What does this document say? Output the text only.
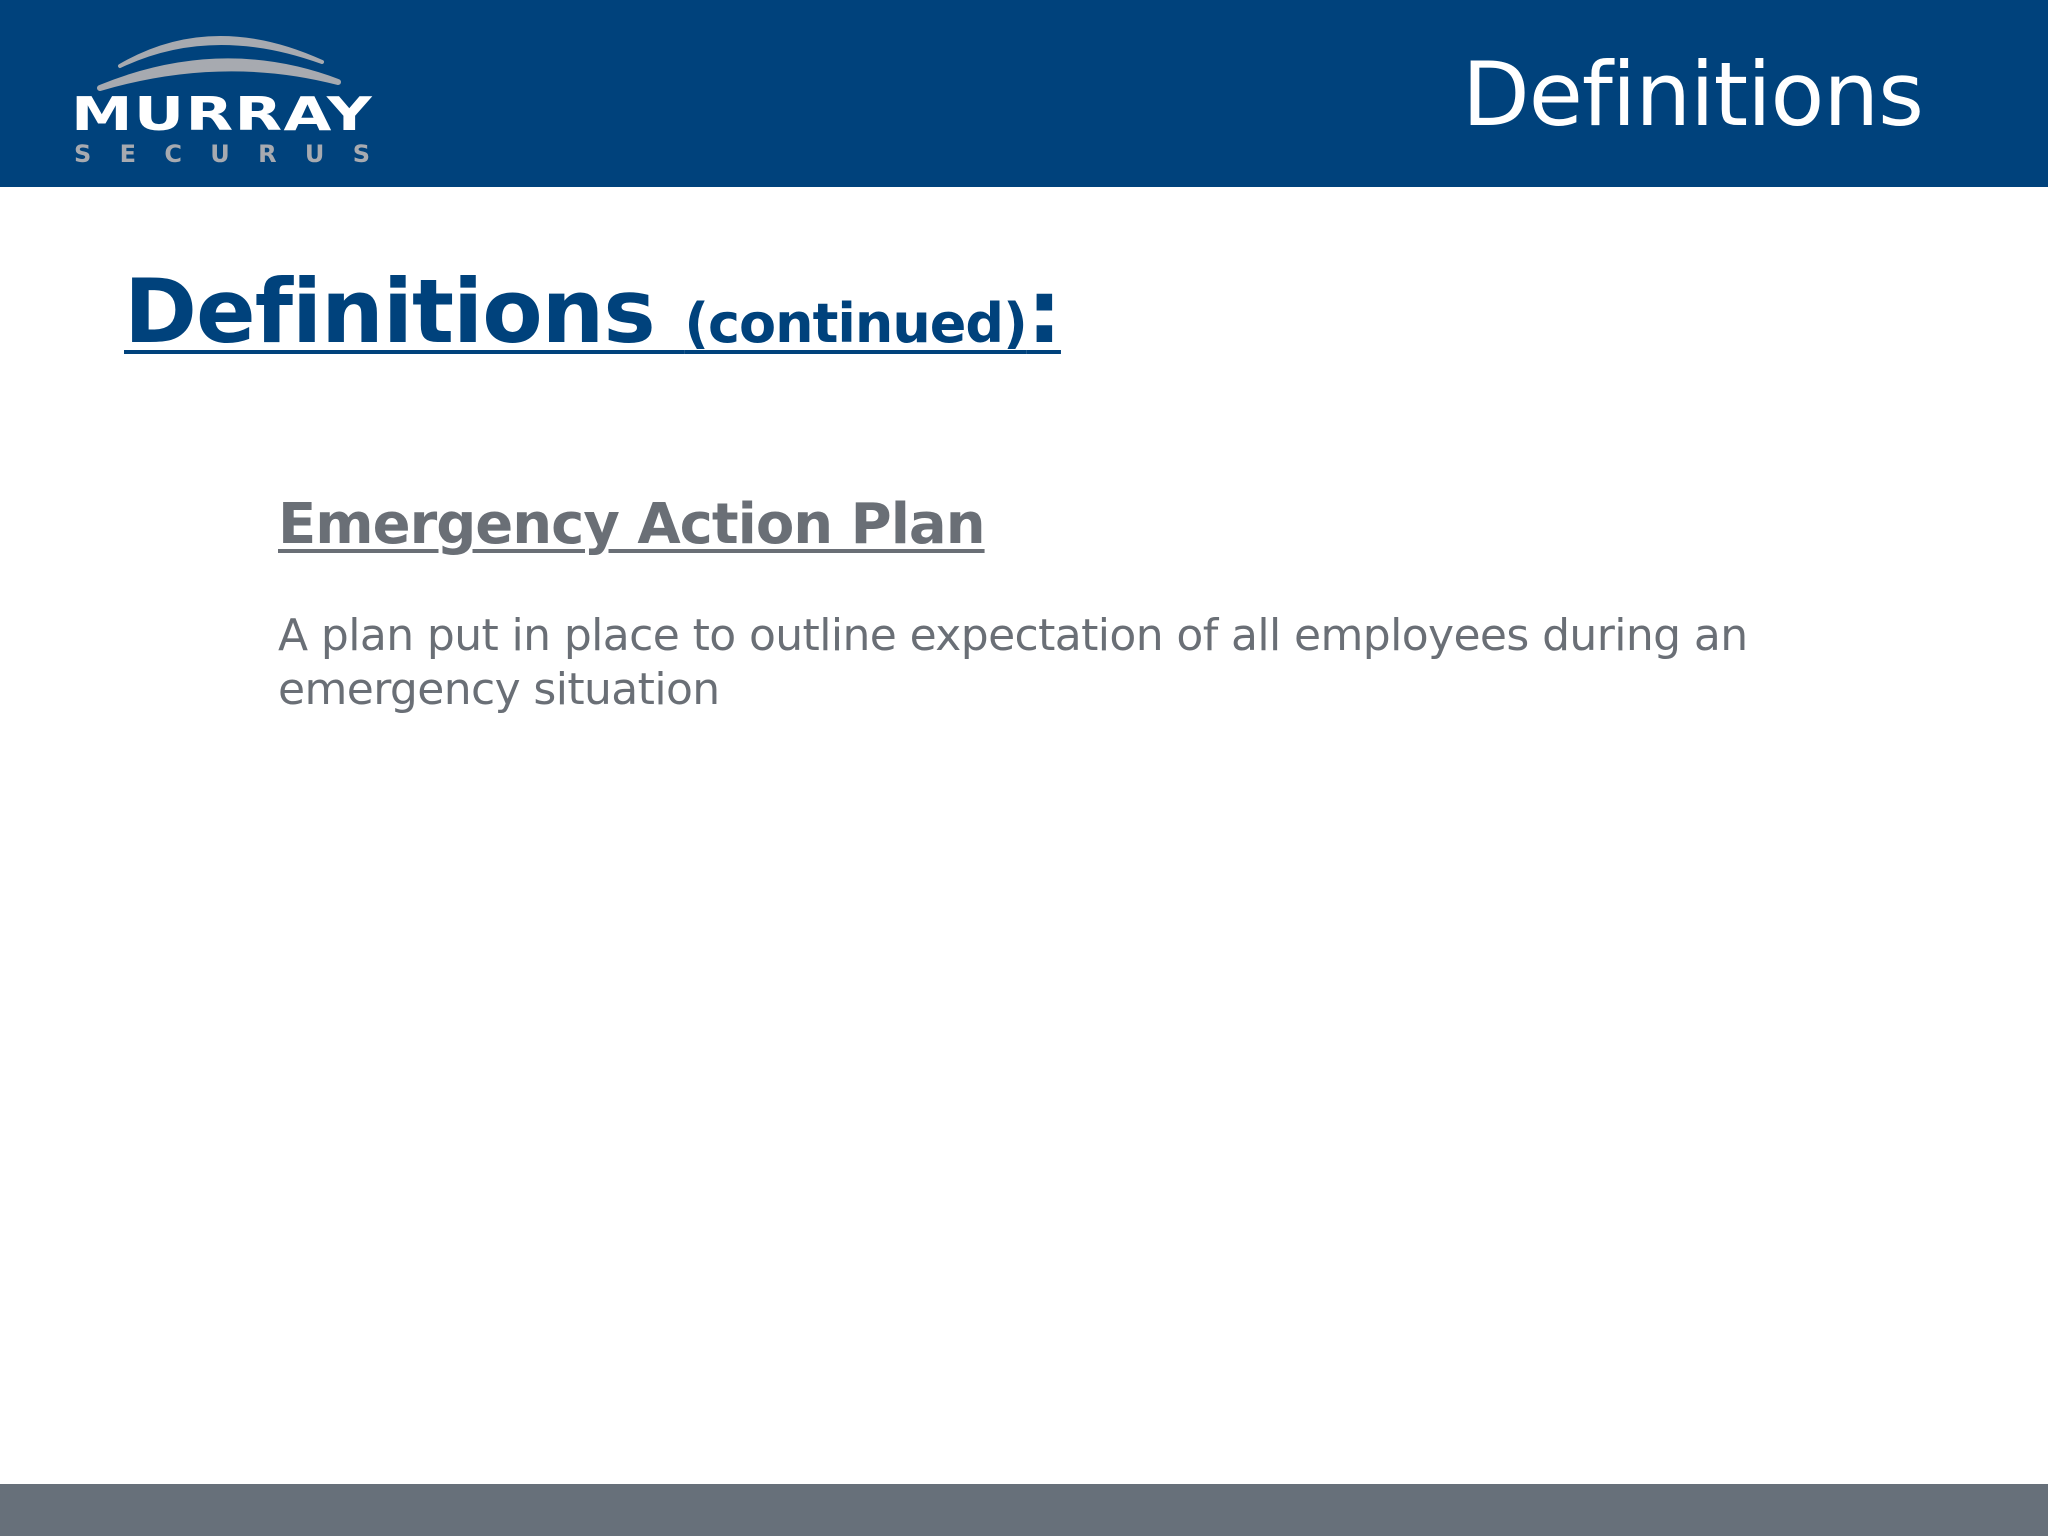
MURRAY
SECURUS
Definitions
Definitions (continued):
Emergency Action Plan

A plan put in place to outline expectation of all employees during an emergency situation
